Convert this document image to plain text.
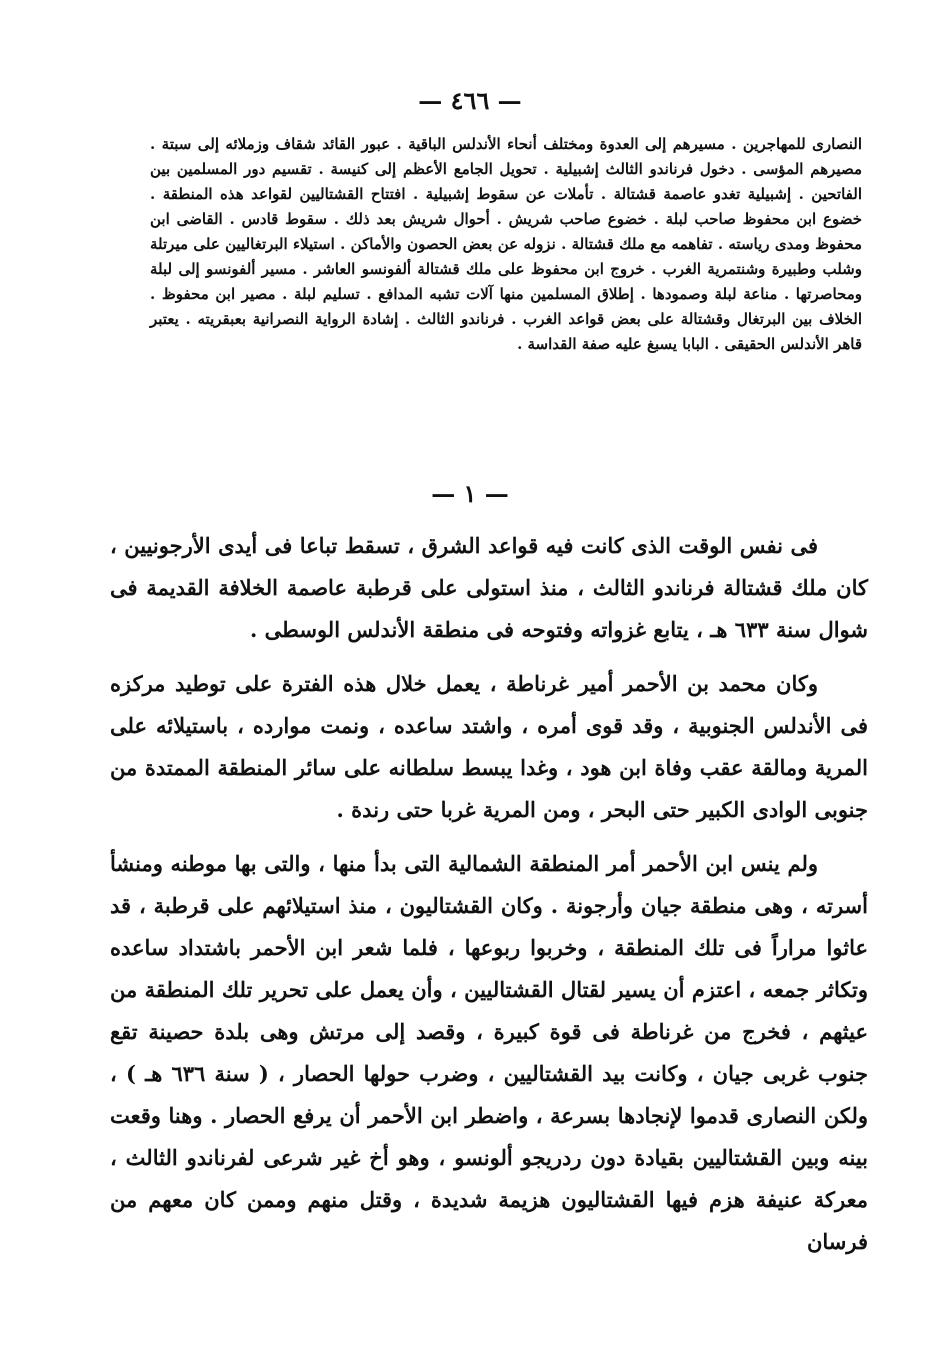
— ٤٦٦ —

النصارى للمهاجرين . مسيرهم إلى العدوة ومختلف أنحاء الأندلس الباقية . عبور القائد شقاف وزملائه إلى سبتة . مصيرهم المؤسى . دخول فرناندو الثالث إشبيلية . تحويل الجامع الأعظم إلى كنيسة . تقسيم دور المسلمين بين الفاتحين . إشبيلية تغدو عاصمة قشتالة . تأملات عن سقوط إشبيلية . افتتاح القشتاليين لقواعد هذه المنطقة . خضوع ابن محفوظ صاحب لبلة . خضوع صاحب شريش . أحوال شريش بعد ذلك . سقوط قادس . القاضى ابن محفوظ ومدى رياسته . تفاهمه مع ملك قشتالة . نزوله عن بعض الحصون والأماكن . استيلاء البرتغاليين على ميرتلة وشلب وطبيرة وشنتمرية الغرب . خروج ابن محفوظ على ملك قشتالة ألفونسو العاشر . مسير ألفونسو إلى لبلة ومحاصرتها . مناعة لبلة وصمودها . إطلاق المسلمين منها آلات تشبه المدافع . تسليم لبلة . مصير ابن محفوظ . الخلاف بين البرتغال وقشتالة على بعض قواعد الغرب . فرناندو الثالث . إشادة الرواية النصرانية بعبقريته . يعتبر قاهر الأندلس الحقيقى . البابا يسبغ عليه صفة القداسة .

— ١ —

فى نفس الوقت الذى كانت فيه قواعد الشرق ، تسقط تباعا فى أيدى الأرجونيين ، كان ملك قشتالة فرناندو الثالث ، منذ استولى على قرطبة عاصمة الخلافة القديمة فى شوال سنة ٦٣٣ هـ ، يتابع غزواته وفتوحه فى منطقة الأندلس الوسطى .

وكان محمد بن الأحمر أمير غرناطة ، يعمل خلال هذه الفترة على توطيد مركزه فى الأندلس الجنوبية ، وقد قوى أمره ، واشتد ساعده ، ونمت موارده ، باستيلائه على المرية ومالقة عقب وفاة ابن هود ، وغدا يبسط سلطانه على سائر المنطقة الممتدة من جنوبى الوادى الكبير حتى البحر ، ومن المرية غربا حتى رندة .

ولم ينس ابن الأحمر أمر المنطقة الشمالية التى بدأ منها ، والتى بها موطنه ومنشأ أسرته ، وهى منطقة جيان وأرجونة . وكان القشتاليون ، منذ استيلائهم على قرطبة ، قد عاثوا مراراً فى تلك المنطقة ، وخربوا ربوعها ، فلما شعر ابن الأحمر باشتداد ساعده وتكاثر جمعه ، اعتزم أن يسير لقتال القشتاليين ، وأن يعمل على تحرير تلك المنطقة من عيثهم ، فخرج من غرناطة فى قوة كبيرة ، وقصد إلى مرتش وهى بلدة حصينة تقع جنوب غربى جيان ، وكانت بيد القشتاليين ، وضرب حولها الحصار ، ( سنة ٦٣٦ هـ ) ، ولكن النصارى قدموا لإنجادها بسرعة ، واضطر ابن الأحمر أن يرفع الحصار . وهنا وقعت بينه وبين القشتاليين بقيادة دون ردريجو ألونسو ، وهو أخ غير شرعى لفرناندو الثالث ، معركة عنيفة هزم فيها القشتاليون هزيمة شديدة ، وقتل منهم وممن كان معهم من فرسان
